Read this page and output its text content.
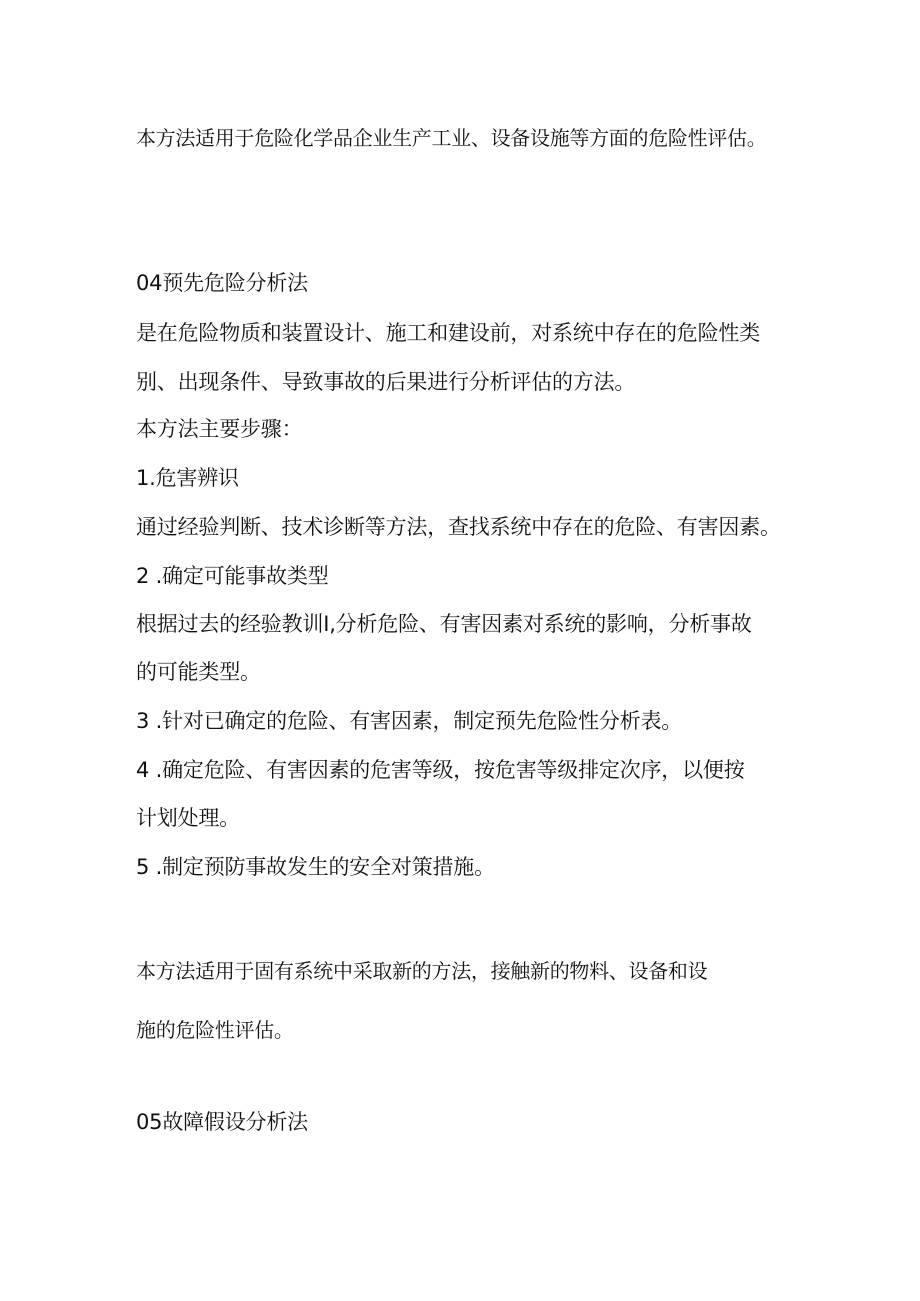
本方法适用于危险化学品企业生产工业、设备设施等方面的危险性评估。

04预先危险分析法

是在危险物质和装置设计、施工和建设前，对系统中存在的危险性类

别、出现条件、导致事故的后果进行分析评估的方法。

本方法主要步骤：

1.危害辨识

通过经验判断、技术诊断等方法，查找系统中存在的危险、有害因素。

2 .确定可能事故类型

根据过去的经验教训I,分析危险、有害因素对系统的影响，分析事故

的可能类型。

3 .针对已确定的危险、有害因素，制定预先危险性分析表。

4 .确定危险、有害因素的危害等级，按危害等级排定次序，以便按

计划处理。

5 .制定预防事故发生的安全对策措施。

本方法适用于固有系统中采取新的方法，接触新的物料、设备和设

施的危险性评估。

05故障假设分析法
